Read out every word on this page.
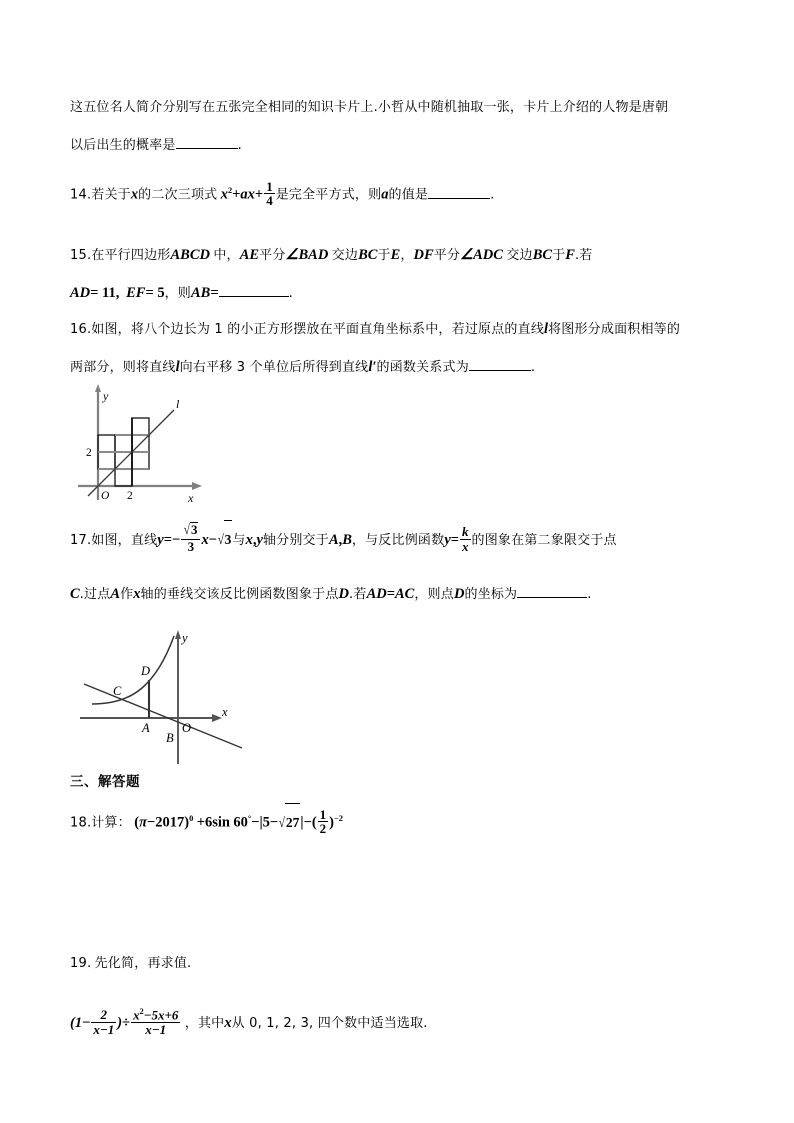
这五位名人简介分别写在五张完全相同的知识卡片上.小哲从中随机抽取一张，卡片上介绍的人物是唐朝
以后出生的概率是	.
14.若关于x的二次三项式 $x^2+ax+ \frac{1}{4}$ 是完全平方式，则a的值是	.
15.在平行四边形ABCD 中，AE平分∠BAD 交边BC于E，DF平分∠ADC 交边BC于F.若
AD= 11, EF= 5，则AB=	.
16.如图，将八个边长为 1 的小正方形摆放在平面直角坐标系中，若过原点的直线l将图形分成面积相等的
两部分，则将直线l向右平移 3 个单位后所得到直线l′的函数关系式为	.
y
x
O 2
2
l
17.如图，直线$y=- \frac{√3}{3} x-√3$与x,y轴分别交于A,B，与反比例函数$y= \frac{k}{x}$ 的图象在第二象限交于点
C.过点A作x轴的垂线交该反比例函数图象于点D.若AD=AC，则点D的坐标为	.
D
C
A
B
O
x
y
三、解答题
18.计算： $(\pi-2017)^0 +6\sin$ $60^\circ-|5-√27|-( \frac{1}{2} )^{-2}$
19. 先化简，再求值.
($1- \frac{2}{x-1}$ )÷ $\frac{x^2-5x+6}{x-1}$ ，其中x从 0, 1, 2, 3, 四个数中适当选取.
